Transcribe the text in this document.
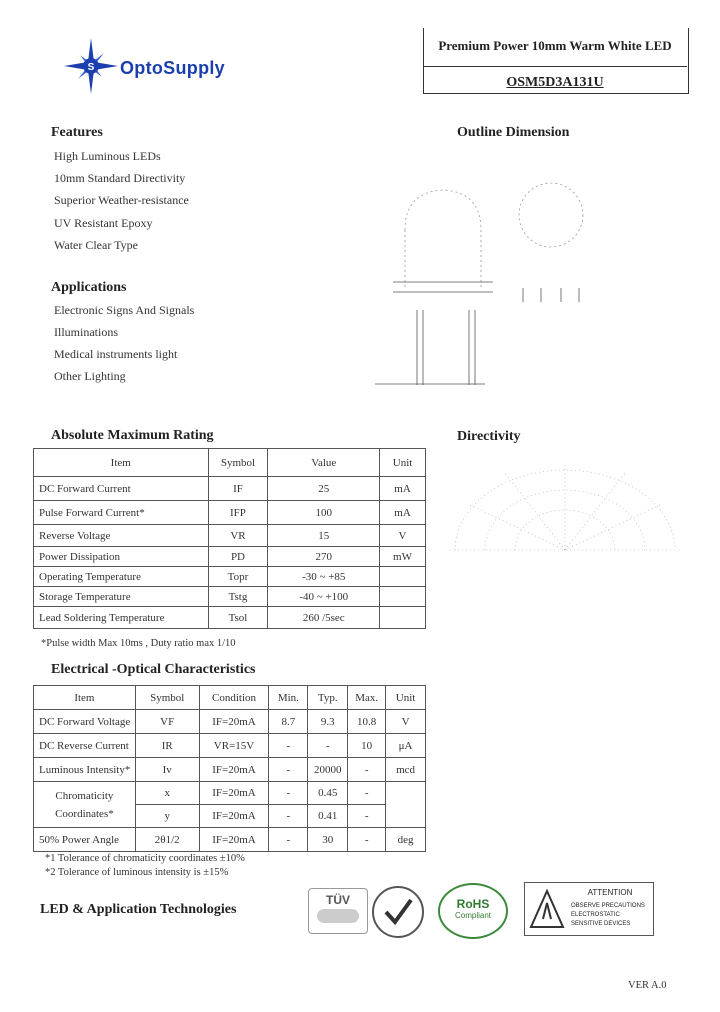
S OptoSupply
Premium Power 10mm Warm White LED
OSM5D3A131U
Features
High Luminous LEDs
10mm Standard Directivity
Superior Weather-resistance
UV Resistant Epoxy
Water Clear Type
Applications
Electronic Signs And Signals
Illuminations
Medical instruments light
Other Lighting
Outline Dimension
Directivity
Absolute Maximum Rating
Item	Symbol	Value	Unit
DC Forward Current	IF	25	mA
Pulse Forward Current*	IFP	100	mA
Reverse Voltage	VR	15	V
Power Dissipation	PD	270	mW
Operating Temperature	Topr	-30 ~ +85	
Storage Temperature	Tstg	-40 ~ +100	
Lead Soldering Temperature	Tsol	260 /5sec	
*Pulse width Max 10ms , Duty ratio max 1/10
Electrical -Optical Characteristics
Item	Symbol	Condition	Min.	Typ.	Max.	Unit
DC Forward Voltage	VF	IF=20mA	8.7	9.3	10.8	V
DC Reverse Current	IR	VR=15V	-	-	10	μA
Luminous Intensity*	Iv	IF=20mA	-	20000	-	mcd
Chromaticity Coordinates*	x	IF=20mA	-	0.45	-	
	y	IF=20mA	-	0.41	-	
50% Power Angle	2θ1/2	IF=20mA	-	30	-	deg
*1 Tolerance of chromaticity coordinates ±10%
*2 Tolerance of luminous intensity is ±15%
LED & Application Technologies
TÜV	RoHS
Compliant
ATTENTION
OBSERVE PRECAUTIONS
ELECTROSTATIC
SENSITIVE DEVICES
VER A.0
